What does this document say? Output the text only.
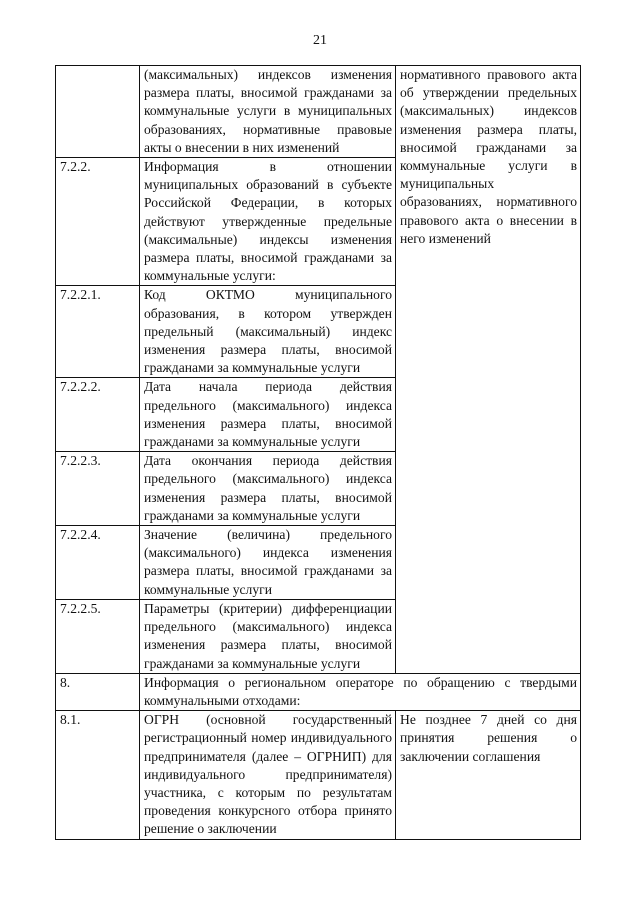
21
	(максимальных) индексов изменения размера платы, вносимой гражданами за коммунальные услуги в муниципальных образованиях, нормативные правовые акты о внесении в них изменений	нормативного правового акта об утверждении предельных (максимальных) индексов изменения размера платы, вносимой гражданами за коммунальные услуги в муниципальных образованиях, нормативного правового акта о внесении в него изменений
7.2.2.	Информация в отношении муниципальных образований в субъекте Российской Федерации, в которых действуют утвержденные предельные (максимальные) индексы изменения размера платы, вносимой гражданами за коммунальные услуги:	
7.2.2.1.	Код ОКТМО муниципального образования, в котором утвержден предельный (максимальный) индекс изменения размера платы, вносимой гражданами за коммунальные услуги	
7.2.2.2.	Дата начала периода действия предельного (максимального) индекса изменения размера платы, вносимой гражданами за коммунальные услуги	
7.2.2.3.	Дата окончания периода действия предельного (максимального) индекса изменения размера платы, вносимой гражданами за коммунальные услуги	
7.2.2.4.	Значение (величина) предельного (максимального) индекса изменения размера платы, вносимой гражданами за коммунальные услуги	
7.2.2.5.	Параметры (критерии) дифференциации предельного (максимального) индекса изменения размера платы, вносимой гражданами за коммунальные услуги	
8.	Информация о региональном операторе по обращению с твердыми коммунальными отходами:	
8.1.	ОГРН (основной государственный регистрационный номер индивидуального предпринимателя (далее – ОГРНИП) для индивидуального предпринимателя) участника, с которым по результатам проведения конкурсного отбора принято решение о заключении	Не позднее 7 дней со дня принятия решения о заключении соглашения
